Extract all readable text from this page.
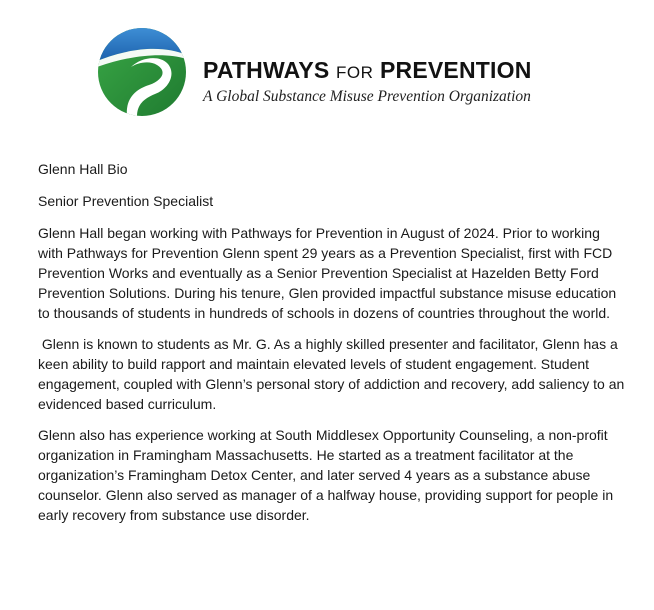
PATHWAYS FOR PREVENTION
A Global Substance Misuse Prevention Organization

Glenn Hall Bio

Senior Prevention Specialist

Glenn Hall began working with Pathways for Prevention in August of 2024. Prior to working with Pathways for Prevention Glenn spent 29 years as a Prevention Specialist, first with FCD Prevention Works and eventually as a Senior Prevention Specialist at Hazelden Betty Ford Prevention Solutions. During his tenure, Glen provided impactful substance misuse education to thousands of students in hundreds of schools in dozens of countries throughout the world.

Glenn is known to students as Mr. G. As a highly skilled presenter and facilitator, Glenn has a keen ability to build rapport and maintain elevated levels of student engagement. Student engagement, coupled with Glenn’s personal story of addiction and recovery, add saliency to an evidenced based curriculum.

Glenn also has experience working at South Middlesex Opportunity Counseling, a non-profit organization in Framingham Massachusetts. He started as a treatment facilitator at the organization’s Framingham Detox Center, and later served 4 years as a substance abuse counselor. Glenn also served as manager of a halfway house, providing support for people in early recovery from substance use disorder.
